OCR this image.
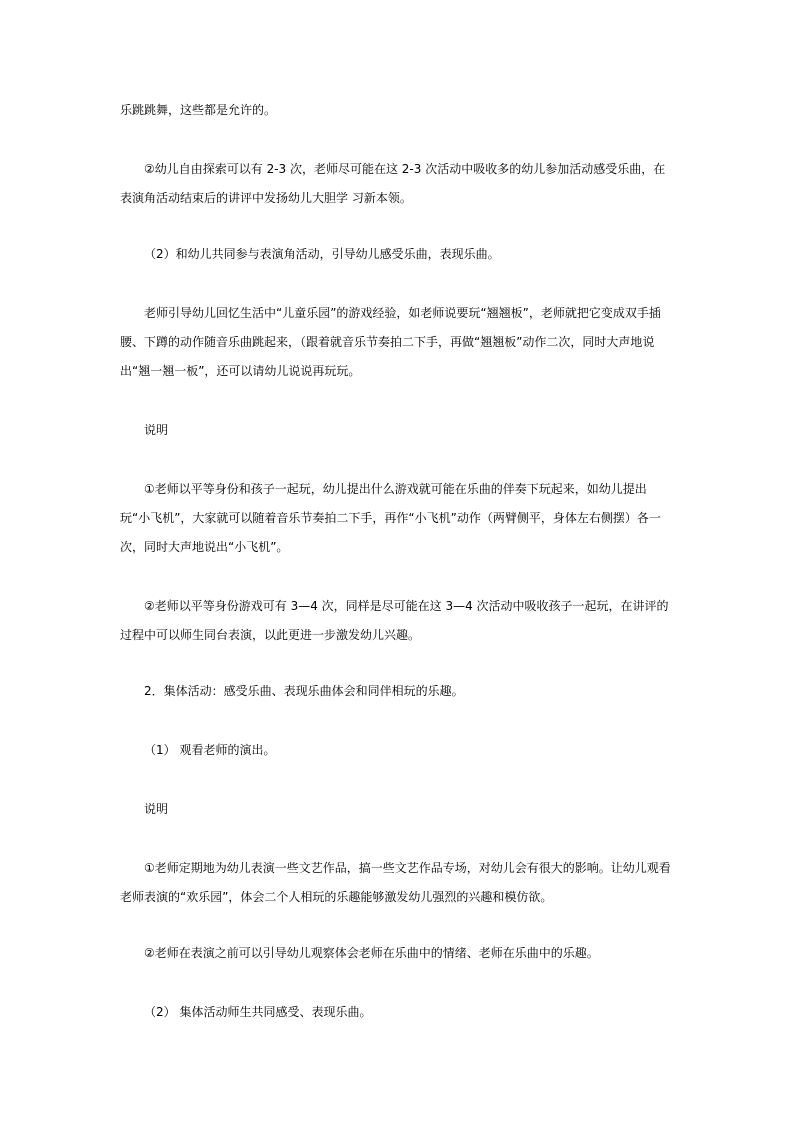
乐跳跳舞，这些都是允许的。

②幼儿自由探索可以有 2-3 次，老师尽可能在这 2-3 次活动中吸收多的幼儿参加活动感受乐曲，在表演角活动结束后的讲评中发扬幼儿大胆学 习新本领。

（2）和幼儿共同参与表演角活动，引导幼儿感受乐曲，表现乐曲。

老师引导幼儿回忆生活中“儿童乐园”的游戏经验，如老师说要玩“翘翘板”，老师就把它变成双手插腰、下蹲的动作随音乐曲跳起来，（跟着就音乐节奏拍二下手，再做“翘翘板”动作二次，同时大声地说出“翘一翘一板”，还可以请幼儿说说再玩玩。

说明

①老师以平等身份和孩子一起玩，幼儿提出什么游戏就可能在乐曲的伴奏下玩起来，如幼儿提出玩“小飞机”，大家就可以随着音乐节奏拍二下手，再作“小飞机”动作（两臂侧平，身体左右侧摆）各一次，同时大声地说出“小飞机”。

②老师以平等身份游戏可有 3—4 次，同样是尽可能在这 3—4 次活动中吸收孩子一起玩，在讲评的过程中可以师生同台表演，以此更进一步激发幼儿兴趣。

2．集体活动：感受乐曲、表现乐曲体会和同伴相玩的乐趣。

（1） 观看老师的演出。

说明

①老师定期地为幼儿表演一些文艺作品，搞一些文艺作品专场，对幼儿会有很大的影响。让幼儿观看老师表演的“欢乐园”，体会二个人相玩的乐趣能够激发幼儿强烈的兴趣和模仿欲。

②老师在表演之前可以引导幼儿观察体会老师在乐曲中的情绪、老师在乐曲中的乐趣。

（2） 集体活动师生共同感受、表现乐曲。
